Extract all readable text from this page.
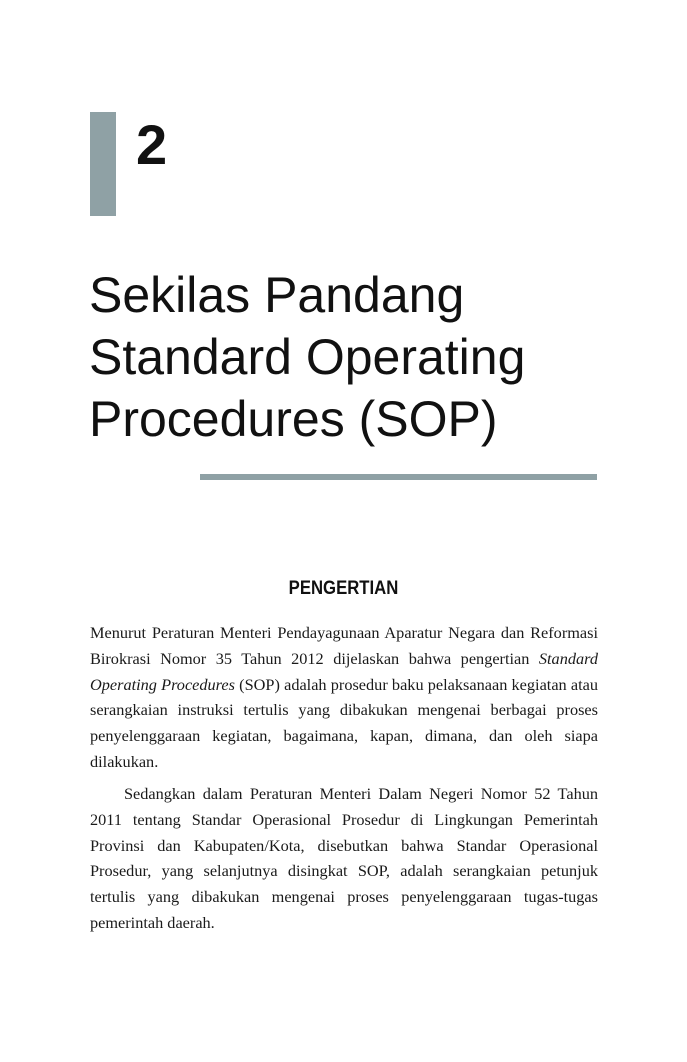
2
Sekilas Pandang
Standard Operating
Procedures (SOP)
PENGERTIAN

Menurut Peraturan Menteri Pendayagunaan Aparatur Negara dan Reformasi Birokrasi Nomor 35 Tahun 2012 dijelaskan bahwa pengertian Standard Operating Procedures (SOP) adalah prosedur baku pelaksanaan kegiatan atau serangkaian instruksi tertulis yang dibakukan mengenai berbagai proses penyelenggaraan kegiatan, bagaimana, kapan, dimana, dan oleh siapa dilakukan.

Sedangkan dalam Peraturan Menteri Dalam Negeri Nomor 52 Tahun 2011 tentang Standar Operasional Prosedur di Lingkungan Pemerintah Provinsi dan Kabupaten/Kota, disebutkan bahwa Standar Operasional Prosedur, yang selanjutnya disingkat SOP, adalah serangkaian petunjuk tertulis yang dibakukan mengenai proses penyelenggaraan tugas-tugas pemerintah daerah.
